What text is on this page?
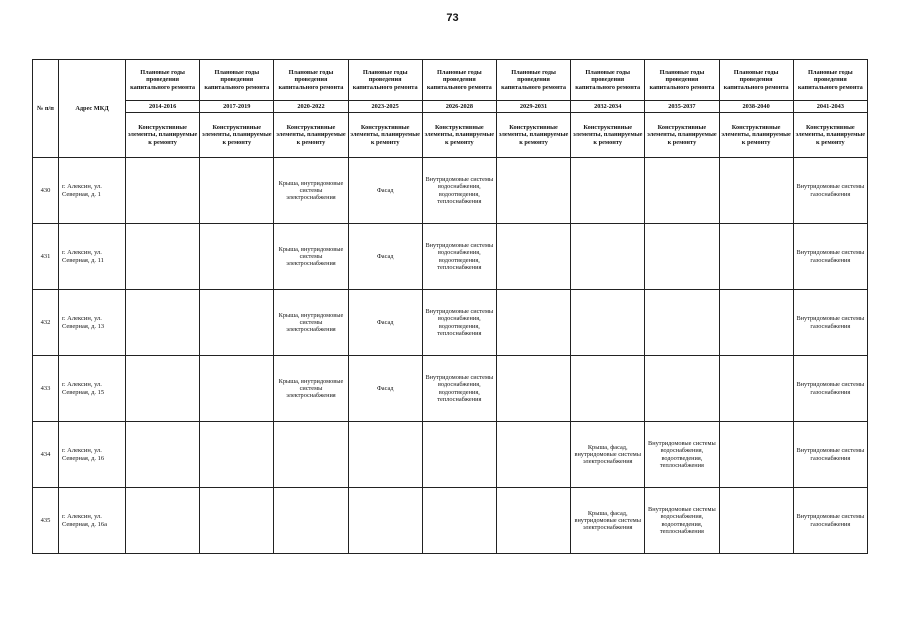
73
№ п/п	Адрес МКД	Плановые годы проведения капитального ремонта	Плановые годы проведения капитального ремонта	Плановые годы проведения капитального ремонта	Плановые годы проведения капитального ремонта	Плановые годы проведения капитального ремонта	Плановые годы проведения капитального ремонта	Плановые годы проведения капитального ремонта	Плановые годы проведения капитального ремонта	Плановые годы проведения капитального ремонта	Плановые годы проведения капитального ремонта
		2014-2016	2017-2019	2020-2022	2023-2025	2026-2028	2029-2031	2032-2034	2035-2037	2038-2040	2041-2043
		Конструктивные элементы, планируемые к ремонту	Конструктивные элементы, планируемые к ремонту	Конструктивные элементы, планируемые к ремонту	Конструктивные элементы, планируемые к ремонту	Конструктивные элементы, планируемые к ремонту	Конструктивные элементы, планируемые к ремонту	Конструктивные элементы, планируемые к ремонту	Конструктивные элементы, планируемые к ремонту	Конструктивные элементы, планируемые к ремонту	Конструктивные элементы, планируемые к ремонту
430	г. Алексин, ул. Северная, д. 1			Крыша, внутридомовые системы электроснабжения	Фасад	Внутридомовые системы водоснабжения, водоотведения, теплоснабжения					Внутридомовые системы газоснабжения
431	г. Алексин, ул. Северная, д. 11			Крыша, внутридомовые системы электроснабжения	Фасад	Внутридомовые системы водоснабжения, водоотведения, теплоснабжения					Внутридомовые системы газоснабжения
432	г. Алексин, ул. Северная, д. 13			Крыша, внутридомовые системы электроснабжения	Фасад	Внутридомовые системы водоснабжения, водоотведения, теплоснабжения					Внутридомовые системы газоснабжения
433	г. Алексин, ул. Северная, д. 15			Крыша, внутридомовые системы электроснабжения	Фасад	Внутридомовые системы водоснабжения, водоотведения, теплоснабжения					Внутридомовые системы газоснабжения
434	г. Алексин, ул. Северная, д. 16							Крыша, фасад, внутридомовые системы электроснабжения	Внутридомовые системы водоснабжения, водоотведения, теплоснабжения		Внутридомовые системы газоснабжения
435	г. Алексин, ул. Северная, д. 16а							Крыша, фасад, внутридомовые системы электроснабжения	Внутридомовые системы водоснабжения, водоотведения, теплоснабжения		Внутридомовые системы газоснабжения
